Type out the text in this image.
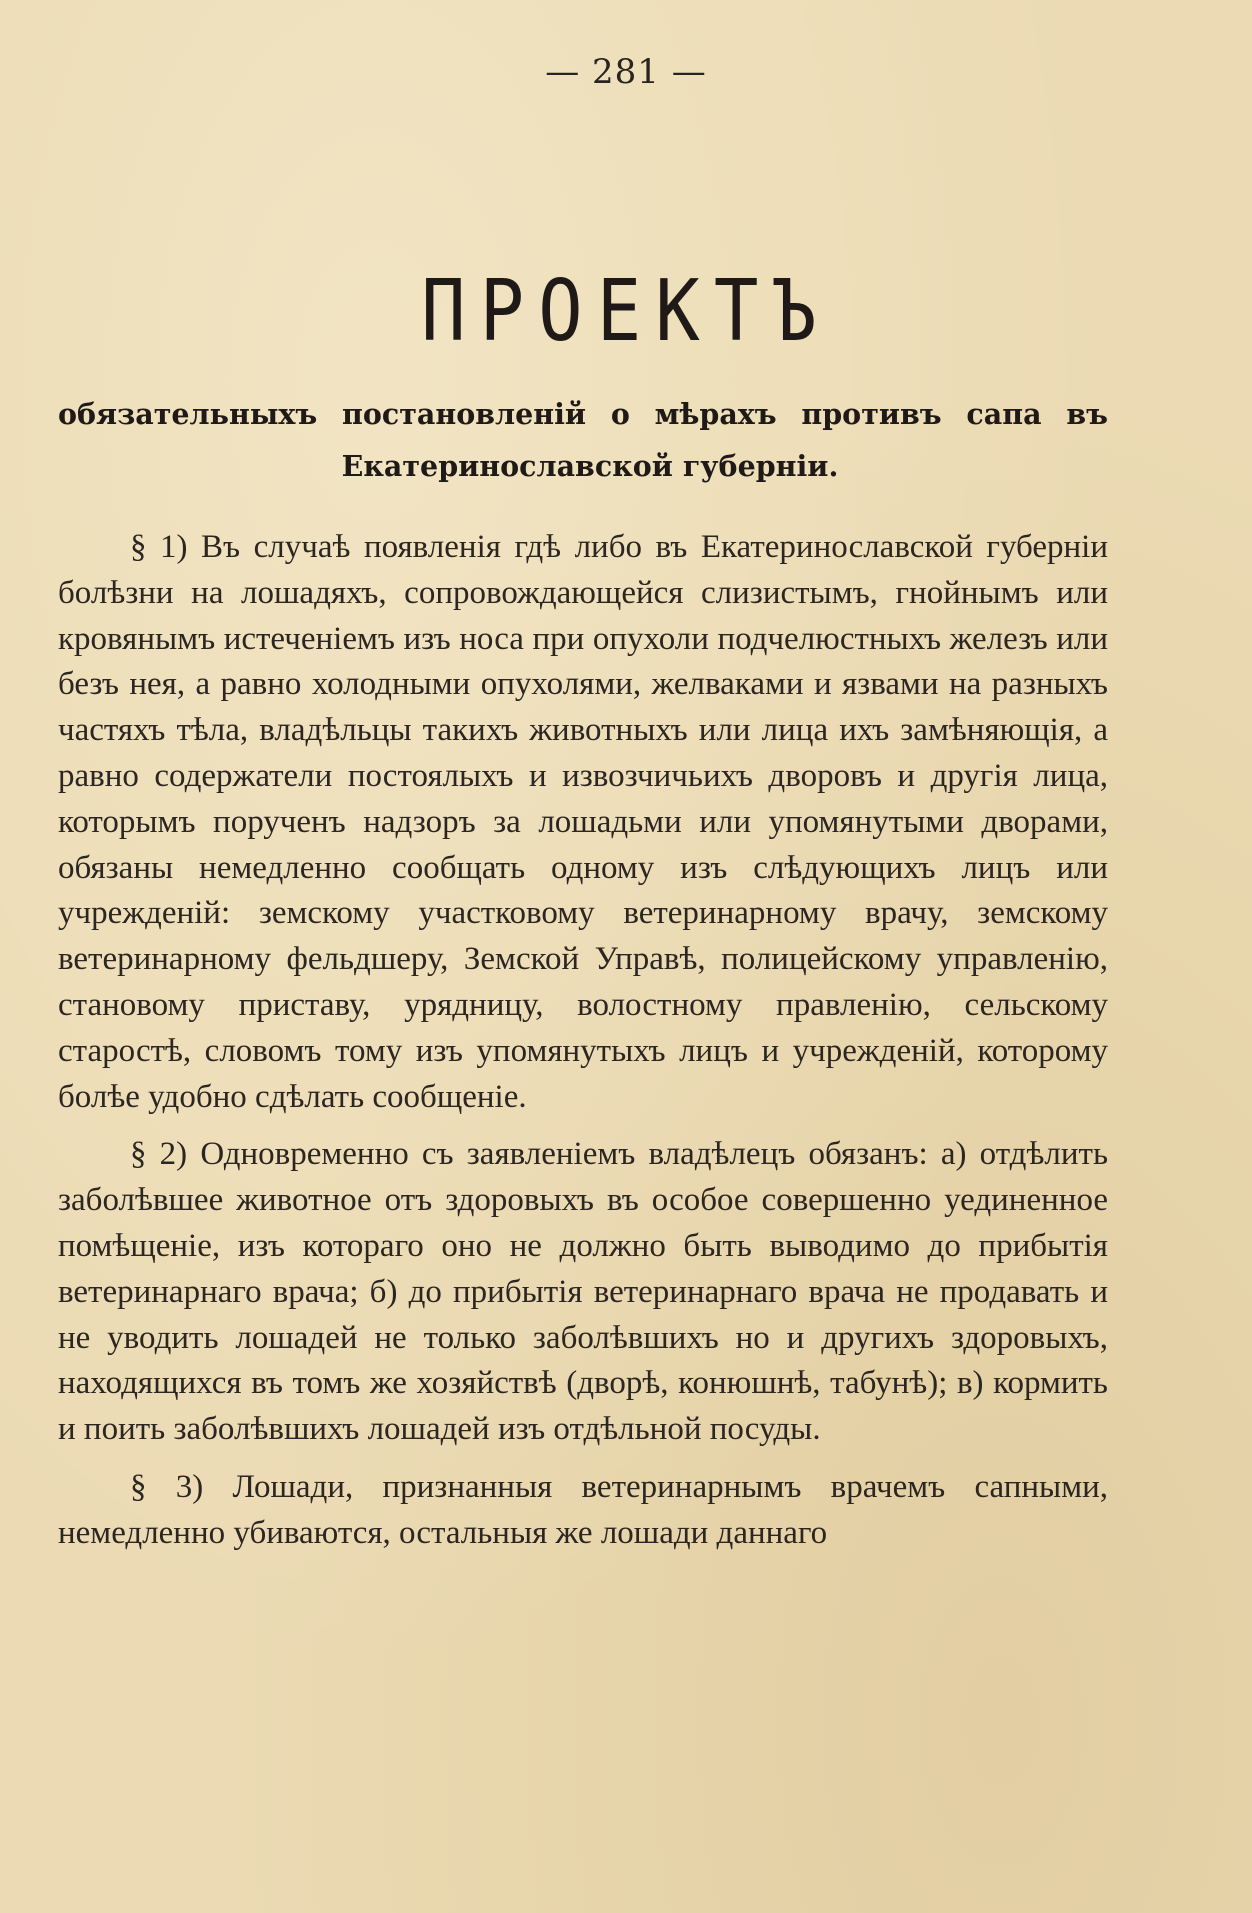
— 281 —
ПРОЕКТЪ
обязательныхъ постановленій о мѣрахъ противъ сапа въ
Екатеринославской губерніи.

§ 1) Въ случаѣ появленія гдѣ либо въ Екатеринославской губерніи болѣзни на лошадяхъ, сопровождающейся слизистымъ, гнойнымъ или кровянымъ истеченіемъ изъ носа при опухоли подчелюстныхъ железъ или безъ нея, а равно холодными опухолями, желваками и язвами на разныхъ частяхъ тѣла, владѣльцы такихъ животныхъ или лица ихъ замѣняющія, а равно содержатели постоялыхъ и извозчичьихъ дворовъ и другія лица, которымъ порученъ надзоръ за лошадьми или упомянутыми дворами, обязаны немедленно сообщать одному изъ слѣдующихъ лицъ или учрежденій: земскому участковому ветеринарному врачу, земскому ветеринарному фельдшеру, Земской Управѣ, полицейскому управленію, становому приставу, урядницу, волостному правленію, сельскому старостѣ, словомъ тому изъ упомянутыхъ лицъ и учрежденій, которому болѣе удобно сдѣлать сообщеніе.

§ 2) Одновременно съ заявленіемъ владѣлецъ обязанъ: а) отдѣлить заболѣвшее животное отъ здоровыхъ въ особое совершенно уединенное помѣщеніе, изъ котораго оно не должно быть выводимо до прибытія ветеринарнаго врача; б) до прибытія ветеринарнаго врача не продавать и не уводить лошадей не только заболѣвшихъ но и другихъ здоровыхъ, находящихся въ томъ же хозяйствѣ (дворѣ, конюшнѣ, табунѣ); в) кормить и поить заболѣвшихъ лошадей изъ отдѣльной посуды.

§ 3) Лошади, признанныя ветеринарнымъ врачемъ сапными, немедленно убиваются, остальныя же лошади даннаго
